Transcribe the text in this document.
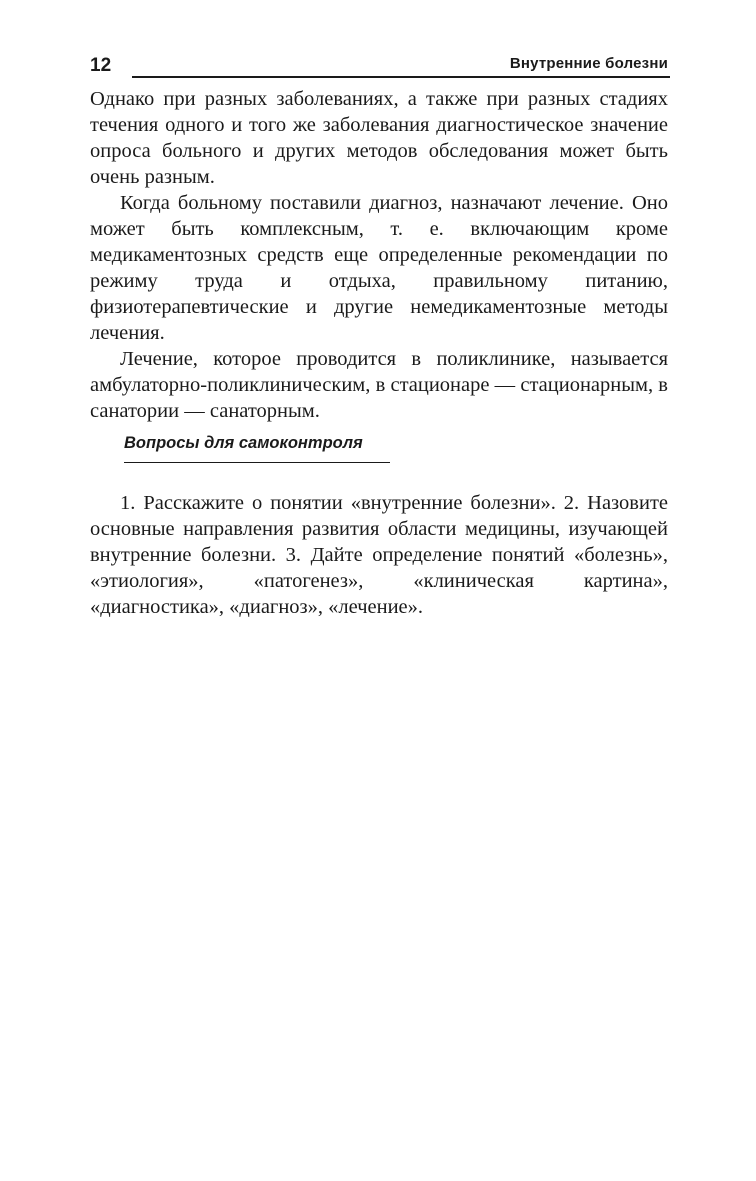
12	Внутренние болезни

Однако при разных заболеваниях, а также при разных стадиях течения одного и того же заболевания диагностическое значение опроса больного и других методов обследования может быть очень разным.

Когда больному поставили диагноз, назначают лечение. Оно может быть комплексным, т. е. включающим кроме медикаментозных средств еще определенные рекомендации по режиму труда и отдыха, правильному питанию, физиотерапевтические и другие немедикаментозные методы лечения.

Лечение, которое проводится в поликлинике, называется амбулаторно-поликлиническим, в стационаре — стационарным, в санатории — санаторным.

Вопросы для самоконтроля

1. Расскажите о понятии «внутренние болезни». 2. Назовите основные направления развития области медицины, изучающей внутренние болезни. 3. Дайте определение понятий «болезнь», «этиология», «патогенез», «клиническая картина», «диагностика», «диагноз», «лечение».
